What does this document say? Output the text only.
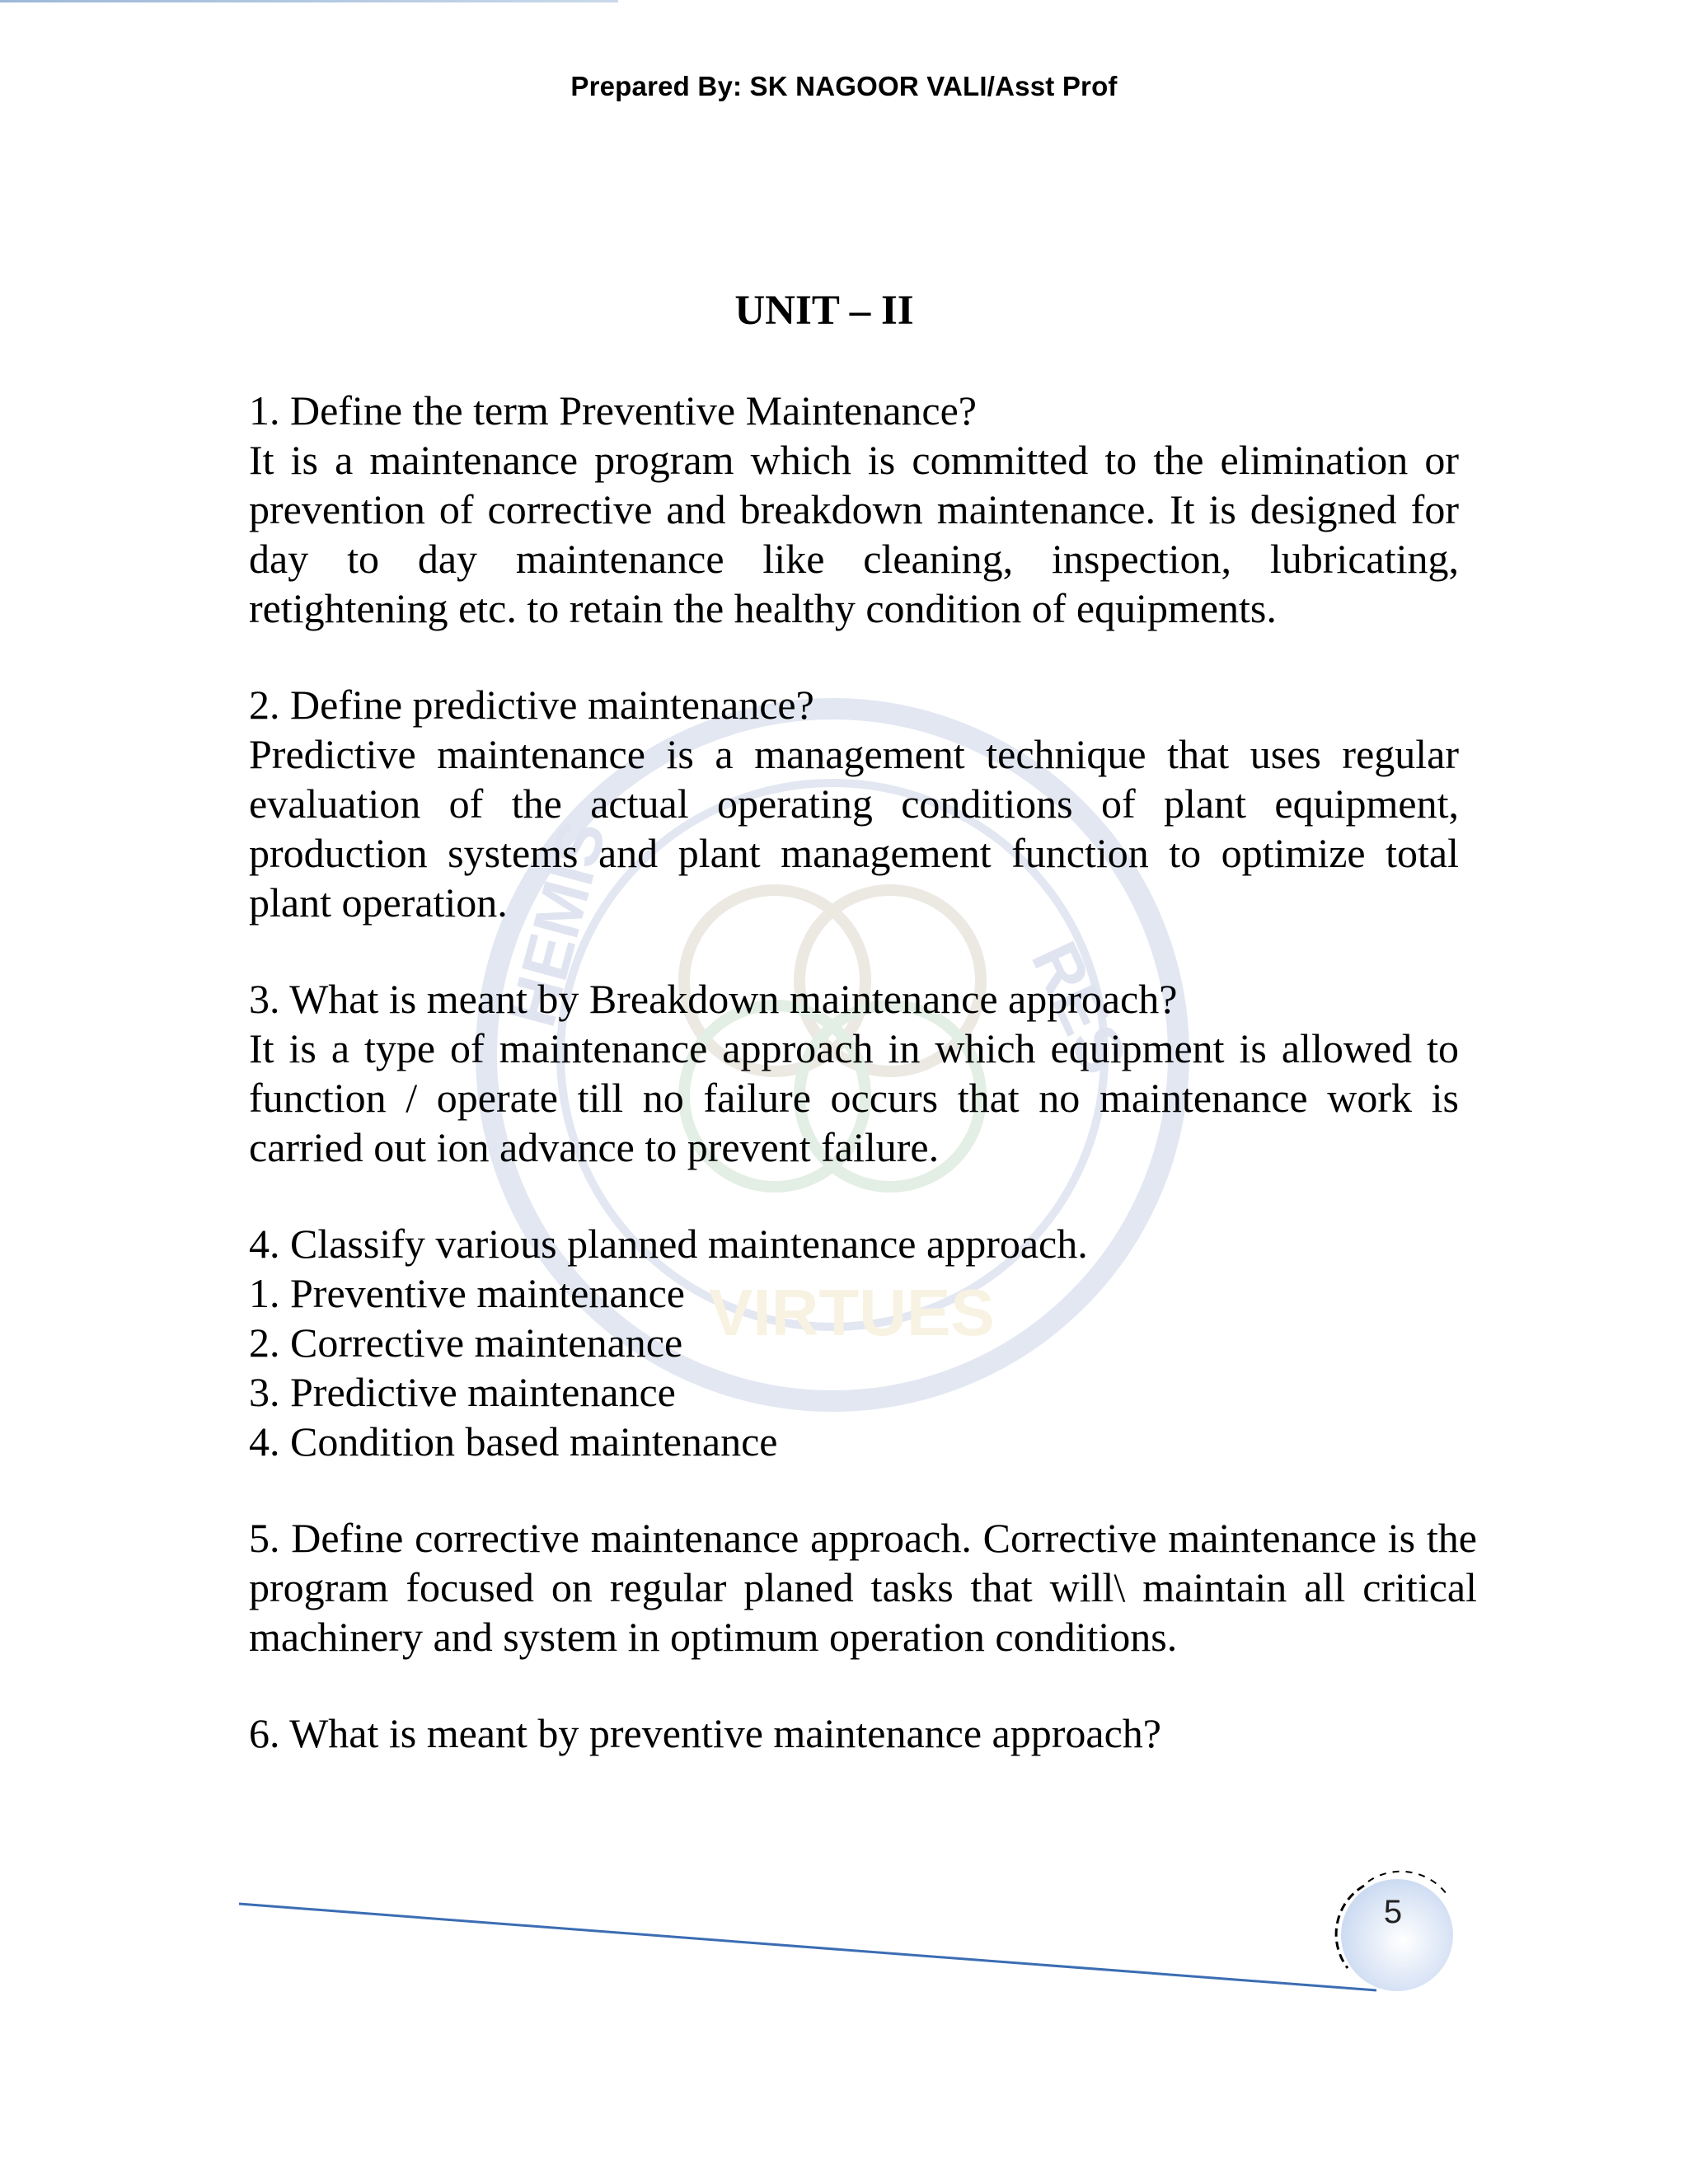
Prepared By: SK NAGOOR VALI/Asst Prof
RES
HEMIS
VIRTUES
UNIT – II

1. Define the term Preventive Maintenance?

It is a maintenance program which is committed to the elimination or prevention of corrective and breakdown maintenance. It is designed for day to day maintenance like cleaning, inspection, lubricating, retightening etc. to retain the healthy condition of equipments.

2. Define predictive maintenance?

Predictive maintenance is a management technique that uses regular evaluation of the actual operating conditions of plant equipment, production systems and plant management function to optimize total plant operation.

3. What is meant by Breakdown maintenance approach?

It is a type of maintenance approach in which equipment is allowed to function / operate till no failure occurs that no maintenance work is carried out ion advance to prevent failure.

4. Classify various planned maintenance approach.

1. Preventive maintenance

2. Corrective maintenance

3. Predictive maintenance

4. Condition based maintenance

5. Define corrective maintenance approach. Corrective maintenance is the program focused on regular planed tasks that will\ maintain all critical machinery and system in optimum operation conditions.

6. What is meant by preventive maintenance approach?

5
